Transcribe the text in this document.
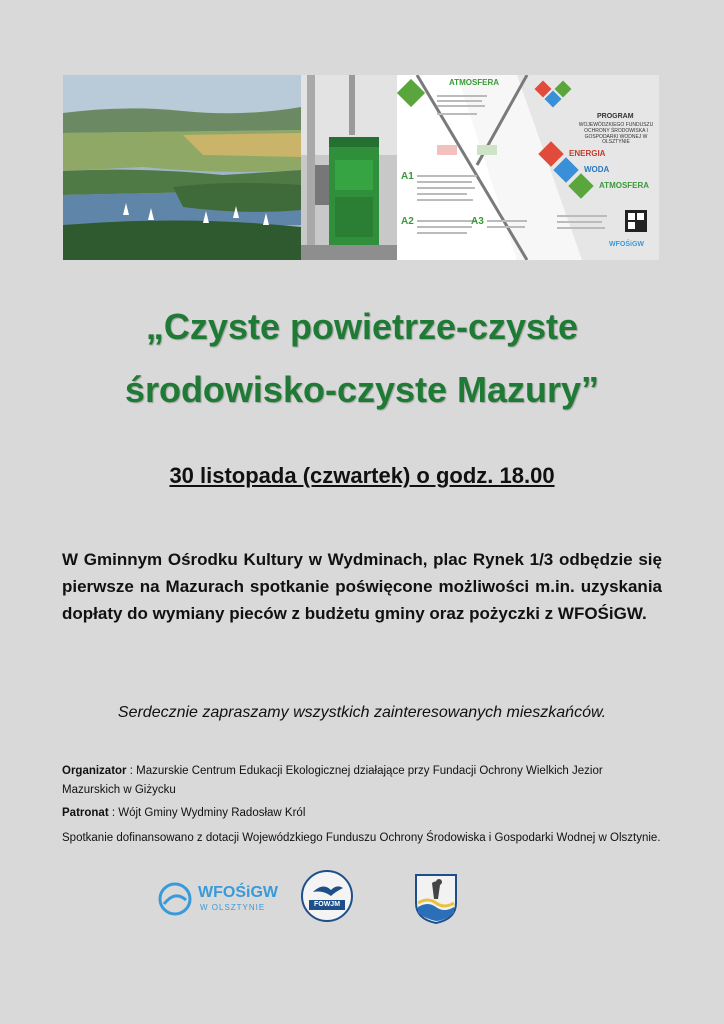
ATMOSFERA
PROGRAM
WOJEWÓDZKIEGO FUNDUSZU OCHRONY ŚRODOWISKA I GOSPODARKI WODNEJ W OLSZTYNIE
ENERGIA
WODA
ATMOSFERA
WFOŚiGW
A1
A2	A3
„Czyste powietrze-czyste
środowisko-czyste Mazury”
30 listopada (czwartek) o godz. 18.00
W Gminnym Ośrodku Kultury w Wydminach, plac Rynek 1/3 odbędzie się pierwsze na Mazurach spotkanie poświęcone możliwości m.in. uzyskania dopłaty do wymiany pieców z budżetu gminy oraz pożyczki z WFOŚiGW.
Serdecznie zapraszamy wszystkich zainteresowanych mieszkańców.
Organizator : Mazurskie Centrum Edukacji Ekologicznej działające przy Fundacji Ochrony Wielkich Jezior Mazurskich w Giżycku
Patronat : Wójt Gminy Wydminy Radosław Król
Spotkanie dofinansowano z dotacji Wojewódzkiego Funduszu Ochrony Środowiska i Gospodarki Wodnej w Olsztynie.
WFOŚiGW
W OLSZTYNIE	FOWJM
